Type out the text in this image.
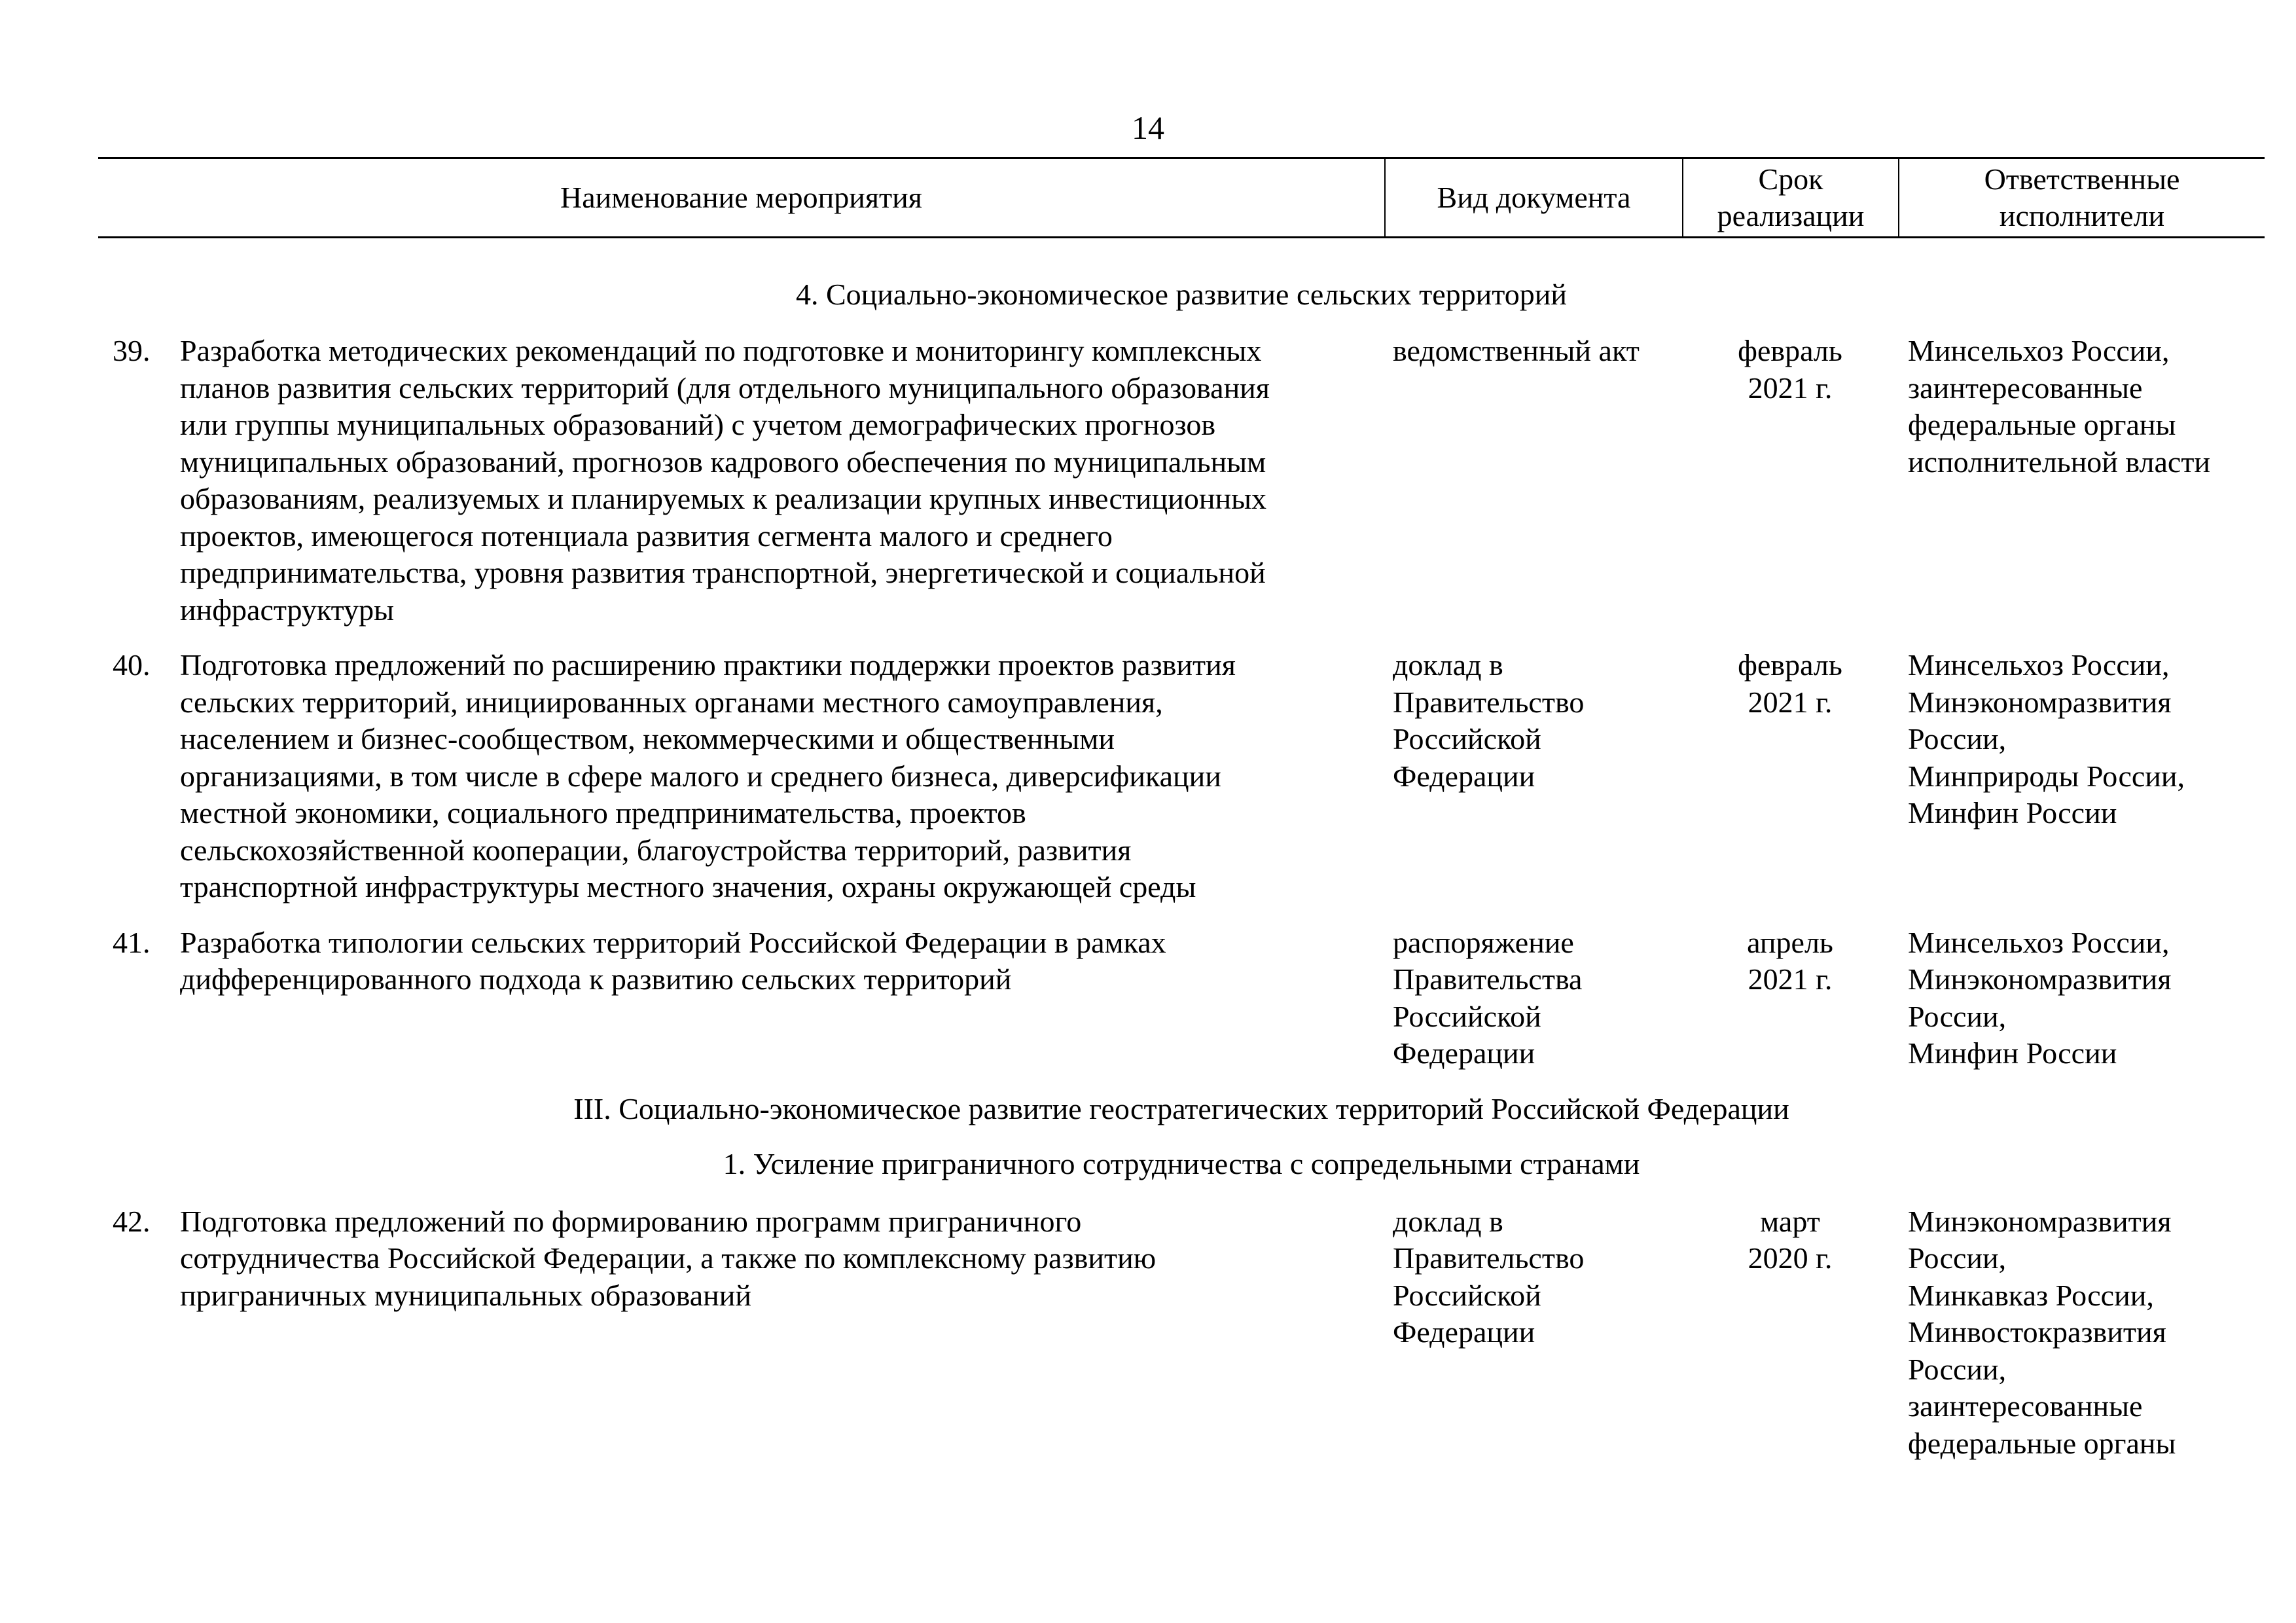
14
Наименование мероприятия	Вид документа
Срок
реализации
Ответственные
исполнители

4. Социально-экономическое развитие сельских территорий

39. Разработка методических рекомендаций по подготовке и мониторингу комплексных
планов развития сельских территорий (для отдельного муниципального образования
или группы муниципальных образований) с учетом демографических прогнозов
муниципальных образований, прогнозов кадрового обеспечения по муниципальным
образованиям, реализуемых и планируемых к реализации крупных инвестиционных
проектов, имеющегося потенциала развития сегмента малого и среднего
предпринимательства, уровня развития транспортной, энергетической и социальной
инфраструктуры
ведомственный акт	февраль
2021 г.
Минсельхоз России,
заинтересованные
федеральные органы
исполнительной власти
40. Подготовка предложений по расширению практики поддержки проектов развития
сельских территорий, инициированных органами местного самоуправления,
населением и бизнес-сообществом, некоммерческими и общественными
организациями, в том числе в сфере малого и среднего бизнеса, диверсификации
местной экономики, социального предпринимательства, проектов
сельскохозяйственной кооперации, благоустройства территорий, развития
транспортной инфраструктуры местного значения, охраны окружающей среды
доклад в
Правительство
Российской
Федерации
февраль
2021 г.
Минсельхоз России,
Минэкономразвития
России,
Минприроды России,
Минфин России
41. Разработка типологии сельских территорий Российской Федерации в рамках
дифференцированного подхода к развитию сельских территорий
распоряжение
Правительства
Российской
Федерации
апрель
2021 г.
Минсельхоз России,
Минэкономразвития
России,
Минфин России

III. Социально-экономическое развитие геостратегических территорий Российской Федерации

1. Усиление приграничного сотрудничества с сопредельными странами

42. Подготовка предложений по формированию программ приграничного
сотрудничества Российской Федерации, а также по комплексному развитию
приграничных муниципальных образований
доклад в
Правительство
Российской
Федерации
март
2020 г.
Минэкономразвития
России,
Минкавказ России,
Минвостокразвития
России,
заинтересованные
федеральные органы
